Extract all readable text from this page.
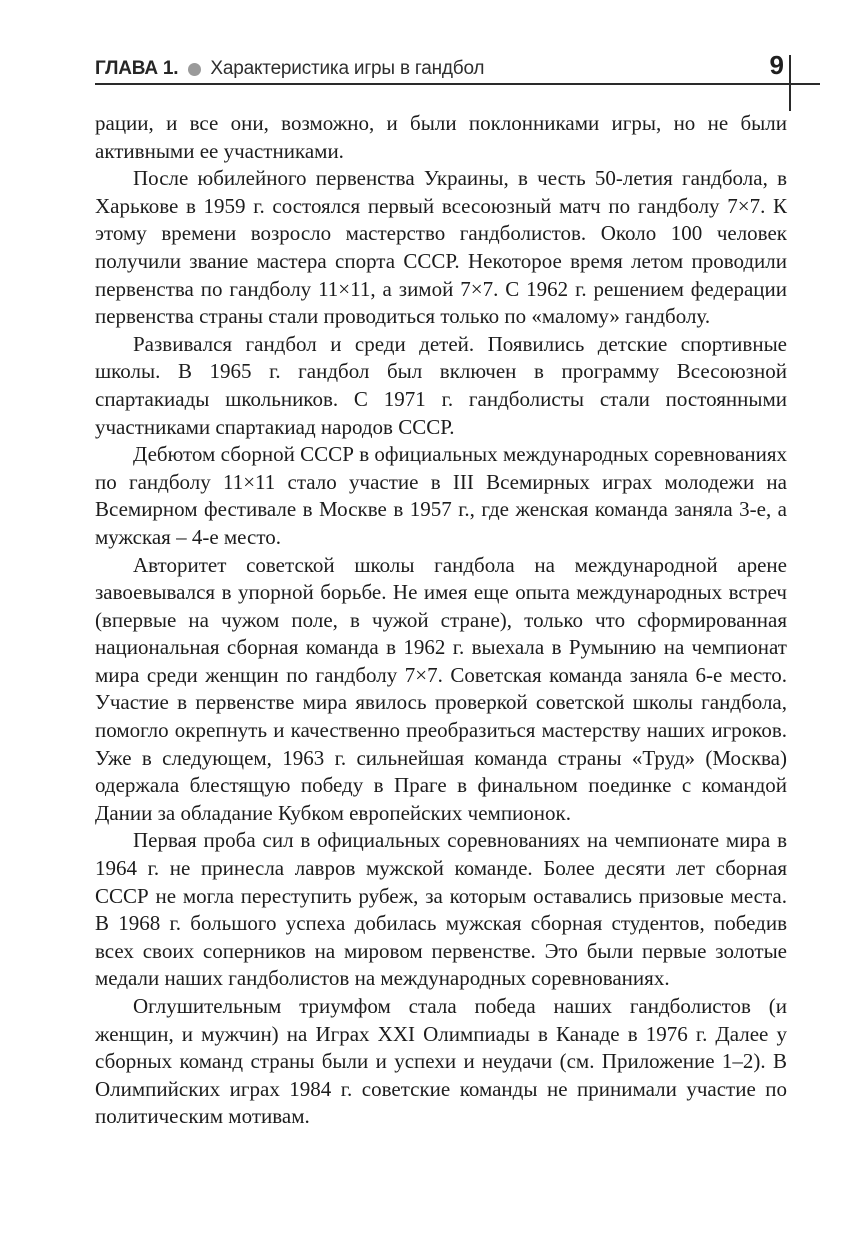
ГЛАВА 1. Характеристика игры в гандбол	9

рации, и все они, возможно, и были поклонниками игры, но не были активными ее участниками.

После юбилейного первенства Украины, в честь 50-летия гандбола, в Харькове в 1959 г. состоялся первый всесоюзный матч по гандболу 7×7. К этому времени возросло мастерство гандболистов. Около 100 человек получили звание мастера спорта СССР. Некоторое время летом проводили первенства по гандболу 11×11, а зимой 7×7. С 1962 г. решением федерации первенства страны стали проводиться только по «малому» гандболу.

Развивался гандбол и среди детей. Появились детские спортивные школы. В 1965 г. гандбол был включен в программу Всесоюзной спартакиады школьников. С 1971 г. гандболисты стали постоянными участниками спартакиад народов СССР.

Дебютом сборной СССР в официальных международных соревнованиях по гандболу 11×11 стало участие в III Всемирных играх молодежи на Всемирном фестивале в Москве в 1957 г., где женская команда заняла 3-е, а мужская – 4-е место.

Авторитет советской школы гандбола на международной арене завоевывался в упорной борьбе. Не имея еще опыта международных встреч (впервые на чужом поле, в чужой стране), только что сформированная национальная сборная команда в 1962 г. выехала в Румынию на чемпионат мира среди женщин по гандболу 7×7. Советская команда заняла 6-е место. Участие в первенстве мира явилось проверкой советской школы гандбола, помогло окрепнуть и качественно преобразиться мастерству наших игроков. Уже в следующем, 1963 г. сильнейшая команда страны «Труд» (Москва) одержала блестящую победу в Праге в финальном поединке с командой Дании за обладание Кубком европейских чемпионок.

Первая проба сил в официальных соревнованиях на чемпионате мира в 1964 г. не принесла лавров мужской команде. Более десяти лет сборная СССР не могла переступить рубеж, за которым оставались призовые места. В 1968 г. большого успеха добилась мужская сборная студентов, победив всех своих соперников на мировом первенстве. Это были первые золотые медали наших гандболистов на международных соревнованиях.

Оглушительным триумфом стала победа наших гандболистов (и женщин, и мужчин) на Играх XXI Олимпиады в Канаде в 1976 г. Далее у сборных команд страны были и успехи и неудачи (см. Приложение 1–2). В Олимпийских играх 1984 г. советские команды не принимали участие по политическим мотивам.
